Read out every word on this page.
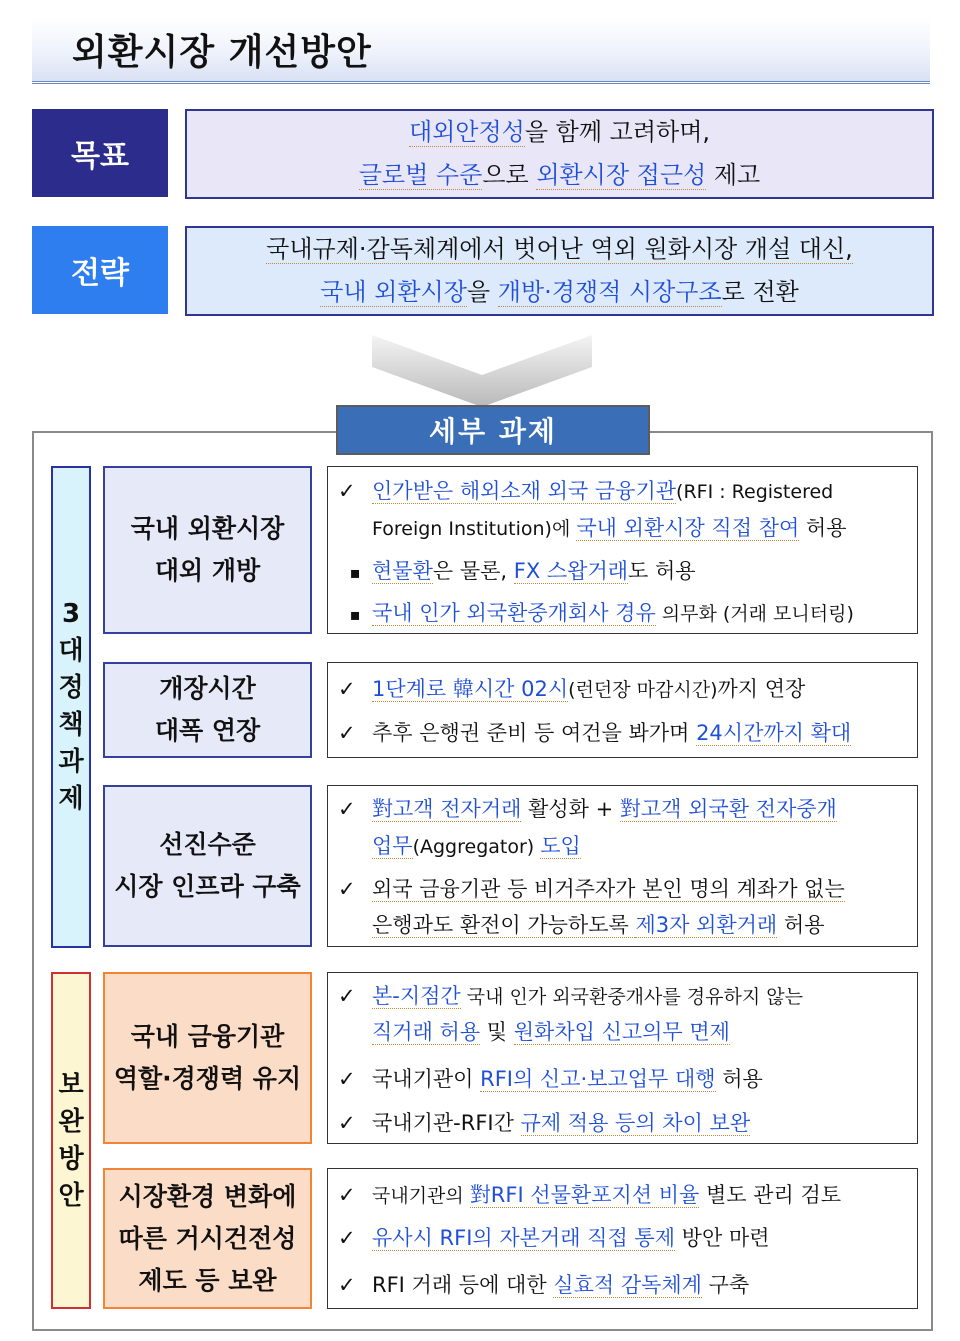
외환시장 개선방안
목표
대외안정성을 함께 고려하며,
글로벌 수준으로 외환시장 접근성 제고
전략
국내규제·감독체계에서 벗어난 역외 원화시장 개설 대신,
국내 외환시장을 개방·경쟁적 시장구조로 전환
세부 과제
3
대
정
책
과
제
보
완
방
안
국내 외환시장
대외 개방
개장시간
대폭 연장
선진수준
시장 인프라 구축
국내 금융기관
역할·경쟁력 유지
시장환경 변화에
따른 거시건전성
제도 등 보완
✓ 인가받은 해외소재 외국 금융기관(RFI : Registered
Foreign Institution)에 국내 외환시장 직접 참여 허용
▪ 현물환은 물론, FX 스왑거래도 허용
▪ 국내 인가 외국환중개회사 경유 의무화 (거래 모니터링)
✓ 1단계로 韓시간 02시(런던장 마감시간)까지 연장
✓ 추후 은행권 준비 등 여건을 봐가며 24시간까지 확대
✓ 對고객 전자거래 활성화 + 對고객 외국환 전자중개
업무(Aggregator) 도입
✓ 외국 금융기관 등 비거주자가 본인 명의 계좌가 없는
은행과도 환전이 가능하도록 제3자 외환거래 허용
✓ 본-지점간 국내 인가 외국환중개사를 경유하지 않는
직거래 허용 및 원화차입 신고의무 면제
✓ 국내기관이 RFI의 신고·보고업무 대행 허용
✓ 국내기관-RFI간 규제 적용 등의 차이 보완
✓ 국내기관의 對RFI 선물환포지션 비율 별도 관리 검토
✓ 유사시 RFI의 자본거래 직접 통제 방안 마련
✓ RFI 거래 등에 대한 실효적 감독체계 구축
